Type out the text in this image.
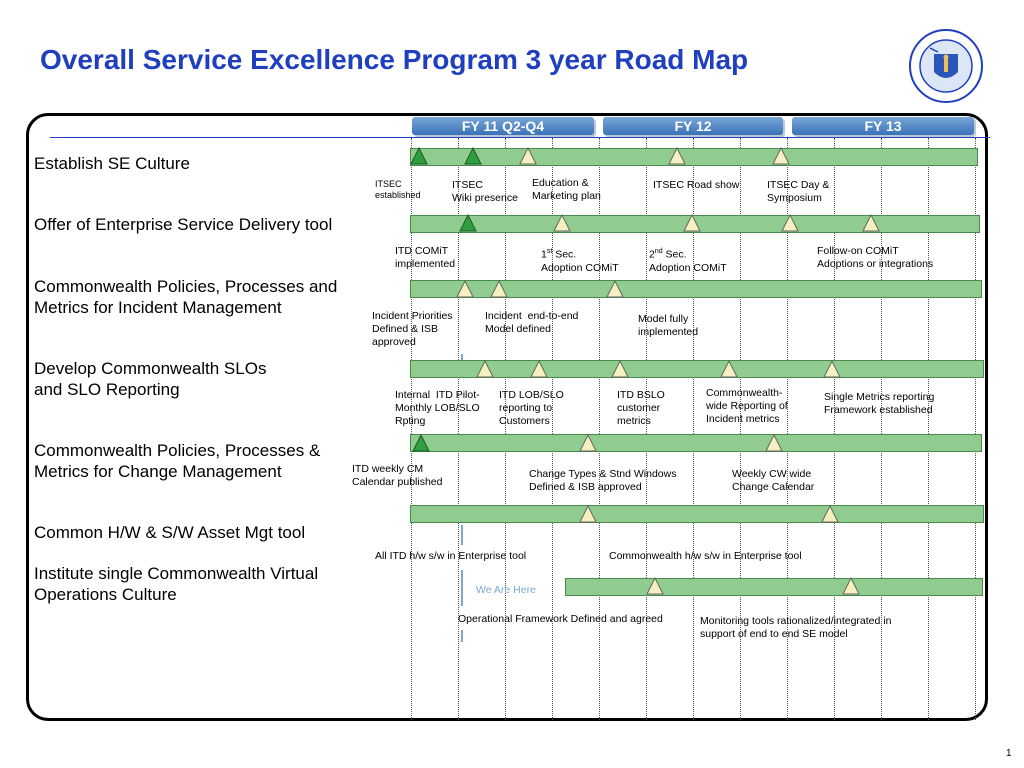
Overall Service Excellence Program 3 year Road Map
FY 11 Q2-Q4	FY 12	FY 13
Establish SE Culture
Offer of Enterprise Service Delivery tool
Commonwealth Policies, Processes and
Metrics for Incident Management
Develop Commonwealth SLOs
and SLO Reporting
Commonwealth Policies, Processes &
Metrics for Change Management
Common H/W & S/W Asset Mgt tool
Institute single Commonwealth Virtual
Operations Culture
ITSEC
established
ITSEC
Wiki presence
Education &
Marketing plan
ITSEC Road show	ITSEC Day &
Symposium
ITD COMiT
implemented
1st Sec.
Adoption COMiT
2nd Sec.
Adoption COMiT
Follow-on COMiT
Adoptions or integrations
Incident Priorities
Defined & ISB
approved
Incident  end-to-end
Model defined
Model fully
implemented
Internal  ITD Pilot-
Monthly LOB/SLO
Rpting
ITD LOB/SLO
reporting to
Customers
ITD BSLO
customer
metrics
Commonwealth-
wide Reporting of
Incident metrics
Single Metrics reporting
Framework established
ITD weekly CM
Calendar published
Change Types & Stnd Windows
Defined & ISB approved
Weekly CW wide
Change Calendar
All ITD h/w s/w in Enterprise tool	Commonwealth h/w s/w in Enterprise tool
Operational Framework Defined and agreed	Monitoring tools rationalized/integrated in
support of end to end SE model
We Are Here
1
